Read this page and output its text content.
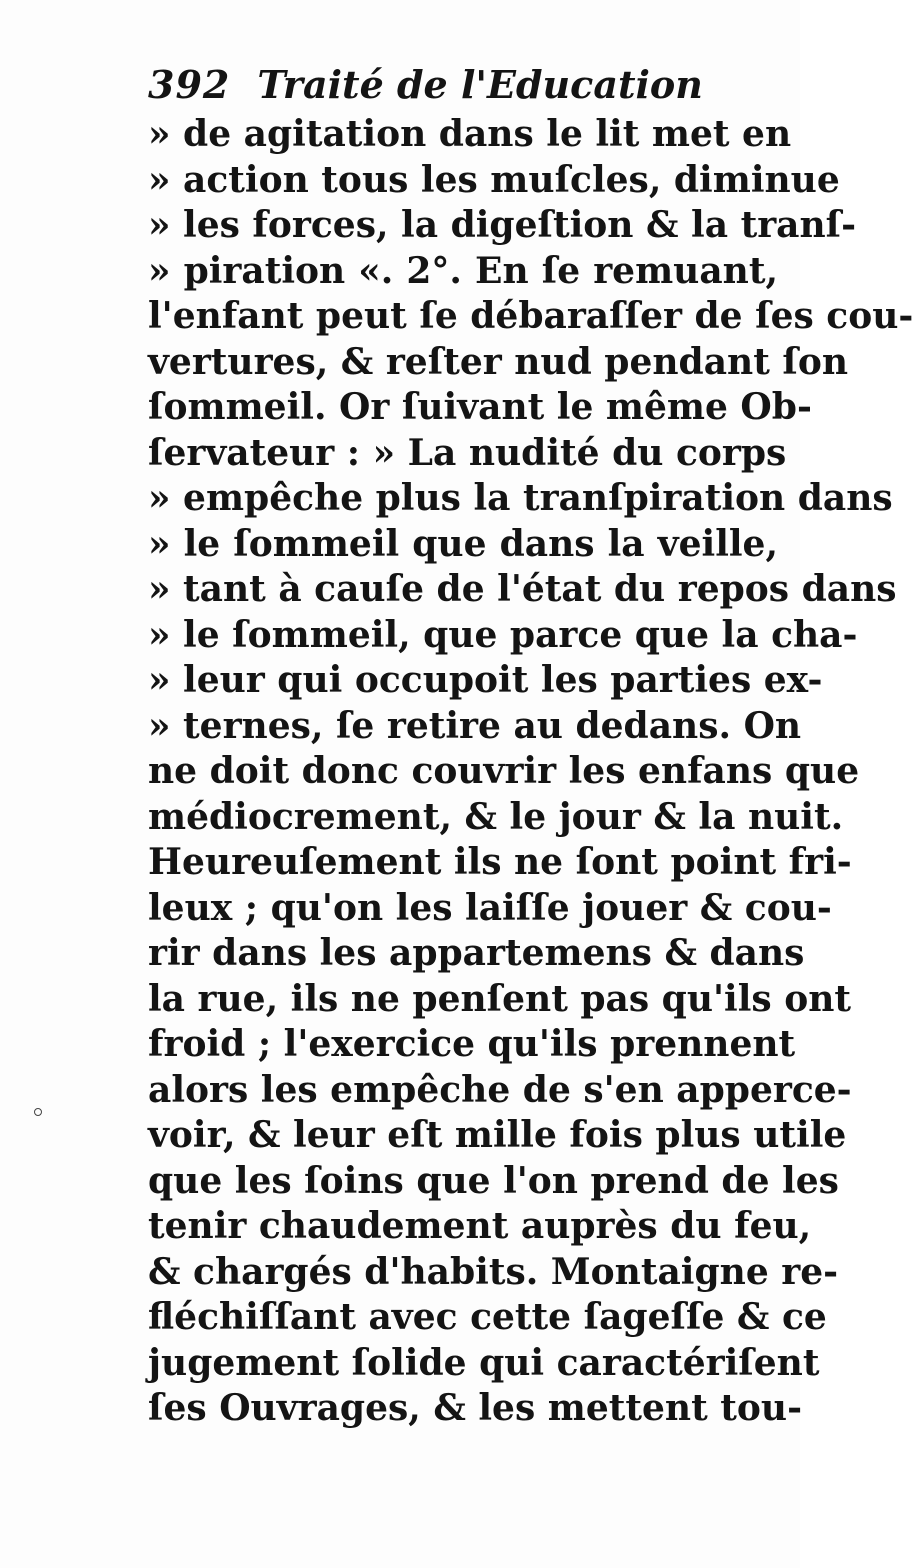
392 Traité de l'Education
» de agitation dans le lit met en
» action tous les muſcles, diminue
» les forces, la digeſtion & la tranſ-
» piration «. 2°. En ſe remuant,
l'enfant peut ſe débaraſſer de ſes cou-
vertures, & reſter nud pendant ſon
ſommeil. Or ſuivant le même Ob-
ſervateur : » La nudité du corps
» empêche plus la tranſpiration dans
» le ſommeil que dans la veille,
» tant à cauſe de l'état du repos dans
» le ſommeil, que parce que la cha-
» leur qui occupoit les parties ex-
» ternes, ſe retire au dedans. On
ne doit donc couvrir les enfans que
médiocrement, & le jour & la nuit.
Heureuſement ils ne ſont point fri-
leux ; qu'on les laiſſe jouer & cou-
rir dans les appartemens & dans
la rue, ils ne penſent pas qu'ils ont
froid ; l'exercice qu'ils prennent
alors les empêche de s'en apperce-
voir, & leur eſt mille fois plus utile
que les ſoins que l'on prend de les
tenir chaudement auprès du feu,
& chargés d'habits. Montaigne re-
fléchiſſant avec cette ſageſſe & ce
jugement ſolide qui caractériſent
ſes Ouvrages, & les mettent tou-
